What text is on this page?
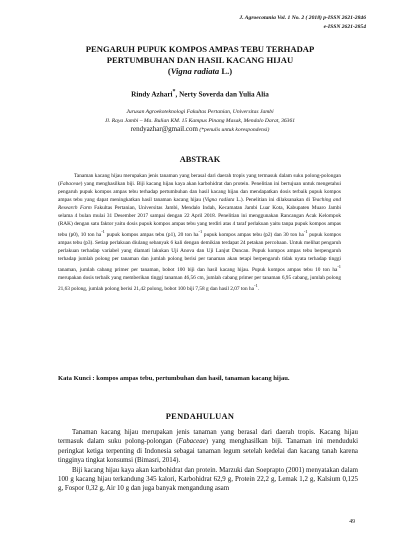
J. Agroecotania Vol. 1 No. 2 ( 2018) p-ISSN 2621-2846
e-ISSN 2621-2854
PENGARUH PUPUK KOMPOS AMPAS TEBU TERHADAP
PERTUMBUHAN DAN HASIL KACANG HIJAU
(Vigna radiata L.)
Rindy Azhari*, Nerty Soverda dan Yulia Alia
Jurusan Agroekoteknologi Fakultas Pertanian, Universitas Jambi
Jl. Raya Jambi – Ma. Bulian KM. 15 Kampus Pinang Masak, Mendalo Darat, 36361
rendyazhar@gmail.com (*penulis untuk korespondensi)
ABSTRAK

Tanaman kacang hijau merupakan jenis tanaman yang berasal dari daerah tropis yang termasuk dalam suku polong-polongan (Fabaceae) yang menghasilkan biji. Biji kacang hijau kaya akan karbohidrat dan protein. Penelitian ini bertujuan untuk mengetahui pengaruh pupuk kompos ampas tebu terhadap pertumbuhan dan hasil kacang hijau dan mendapatkan dosis terbaik pupuk kompos ampas tebu yang dapat meningkatkan hasil tanaman kacang hijau (Vigna radiata L.). Penelitian ini dilaksanakan di Teaching and Research Farm Fakultas Pertanian, Universitas Jambi, Mendalo Indah, Kecamatan Jambi Luar Kota, Kabupaten Muaro Jambi selama 4 bulan mulai 31 Desember 2017 sampai dengan 22 April 2018. Penelitian ini menggunakan Rancangan Acak Kelompok (RAK) dengan satu faktor yaitu dosis pupuk kompos ampas tebu yang terdiri atas 4 taraf perlakuan yaitu tanpa pupuk kompos ampas tebu (p0), 10 ton $ha^{-1}$ pupuk kompos ampas tebu (p1), 20 ton $ha^{-1}$ pupuk kompos ampas tebu (p2) dan 30 ton $ha^{-1}$ pupuk kompos ampas tebu (p3). Setiap perlakuan diulang sebanyak 6 kali dengan demikian terdapat 24 petakan percobaan. Untuk melihat pengaruh perlakuan terhadap variabel yang diamati lakukan Uji Anova dan Uji Lanjut Duncan. Pupuk kompos ampas tebu berpengaruh terhadap jumlah polong per tanaman dan jumlah polong berisi per tanaman akan tetapi berpengaruh tidak nyata terhadap tinggi tanaman, jumlah cabang primer per tanaman, bobot 100 biji dan hasil kacang hijau. Pupuk kompos ampas tebu 10 ton $ha^{-1}$ merupakan dosis terbaik yang memberikan tinggi tanaman 46,56 cm, jumlah cabang primer per tanaman 6,95 cabang, jumlah polong 21,63 polong, jumlah polong berisi 21,42 polong, bobot 100 biji 7,58 g dan hasil 2,07 ton $ha^{-1}$.

Kata Kunci : kompos ampas tebu, pertumbuhan dan hasil, tanaman kacang hijau.
PENDAHULUAN

Tanaman kacang hijau merupakan jenis tanaman yang berasal dari daerah tropis. Kacang hijau termasuk dalam suku polong-polongan (Fabaceae) yang menghasilkan biji. Tanaman ini mendudukі peringkat ketiga terpenting di Indonesia sebagai tanaman legum setelah kedelai dan kacang tanah karena tingginya tingkat konsumsi (Bimasri, 2014).

Biji kacang hijau kaya akan karbohidrat dan protein. Marzuki dan Soeprapto (2001) menyatakan dalam 100 g kacang hijau terkandung 345 kalori, Karbohidrat 62,9 g, Protein 22,2 g, Lemak 1,2 g, Kalsium 0,125 g, Fospor 0,32 g, Air 10 g dan juga banyak mengandung asam

49
